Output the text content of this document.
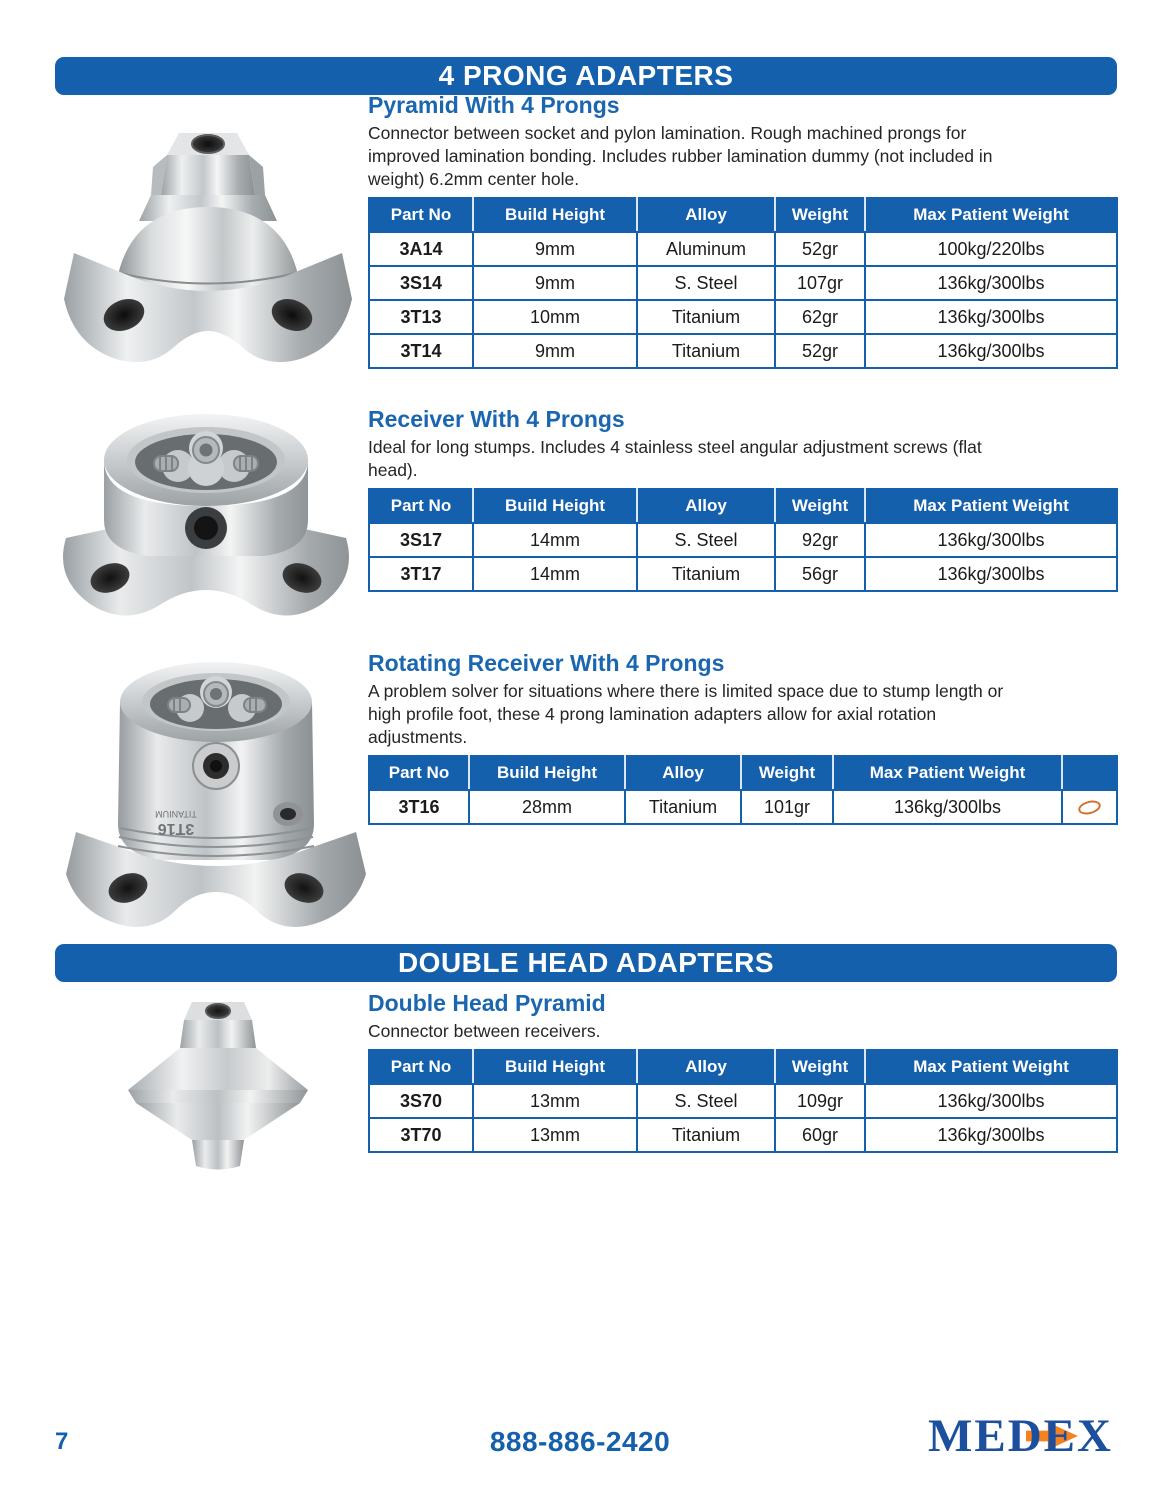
4 PRONG ADAPTERS
Pyramid With 4 Prongs
Connector between socket and pylon lamination. Rough machined prongs for
improved lamination bonding. Includes rubber lamination dummy (not included in
weight) 6.2mm center hole.
Part No	Build Height	Alloy	Weight	Max Patient Weight
3A14	9mm	Aluminum	52gr	100kg/220lbs
3S14	9mm	S. Steel	107gr	136kg/300lbs
3T13	10mm	Titanium	62gr	136kg/300lbs
3T14	9mm	Titanium	52gr	136kg/300lbs
Receiver With 4 Prongs
Ideal for long stumps. Includes 4 stainless steel angular adjustment screws (flat
head).
Part No	Build Height	Alloy	Weight	Max Patient Weight
3S17	14mm	S. Steel	92gr	136kg/300lbs
3T17	14mm	Titanium	56gr	136kg/300lbs
3T16
TITANIUM
Rotating Receiver With 4 Prongs
A problem solver for situations where there is limited space due to stump length or
high profile foot, these 4 prong lamination adapters allow for axial rotation
adjustments.
Part No	Build Height	Alloy	Weight	Max Patient Weight	
3T16	28mm	Titanium	101gr	136kg/300lbs	
DOUBLE HEAD ADAPTERS
Double Head Pyramid
Connector between receivers.
Part No	Build Height	Alloy	Weight	Max Patient Weight
3S70	13mm	S. Steel	109gr	136kg/300lbs
3T70	13mm	Titanium	60gr	136kg/300lbs
7	888-886-2420	MEDEX
